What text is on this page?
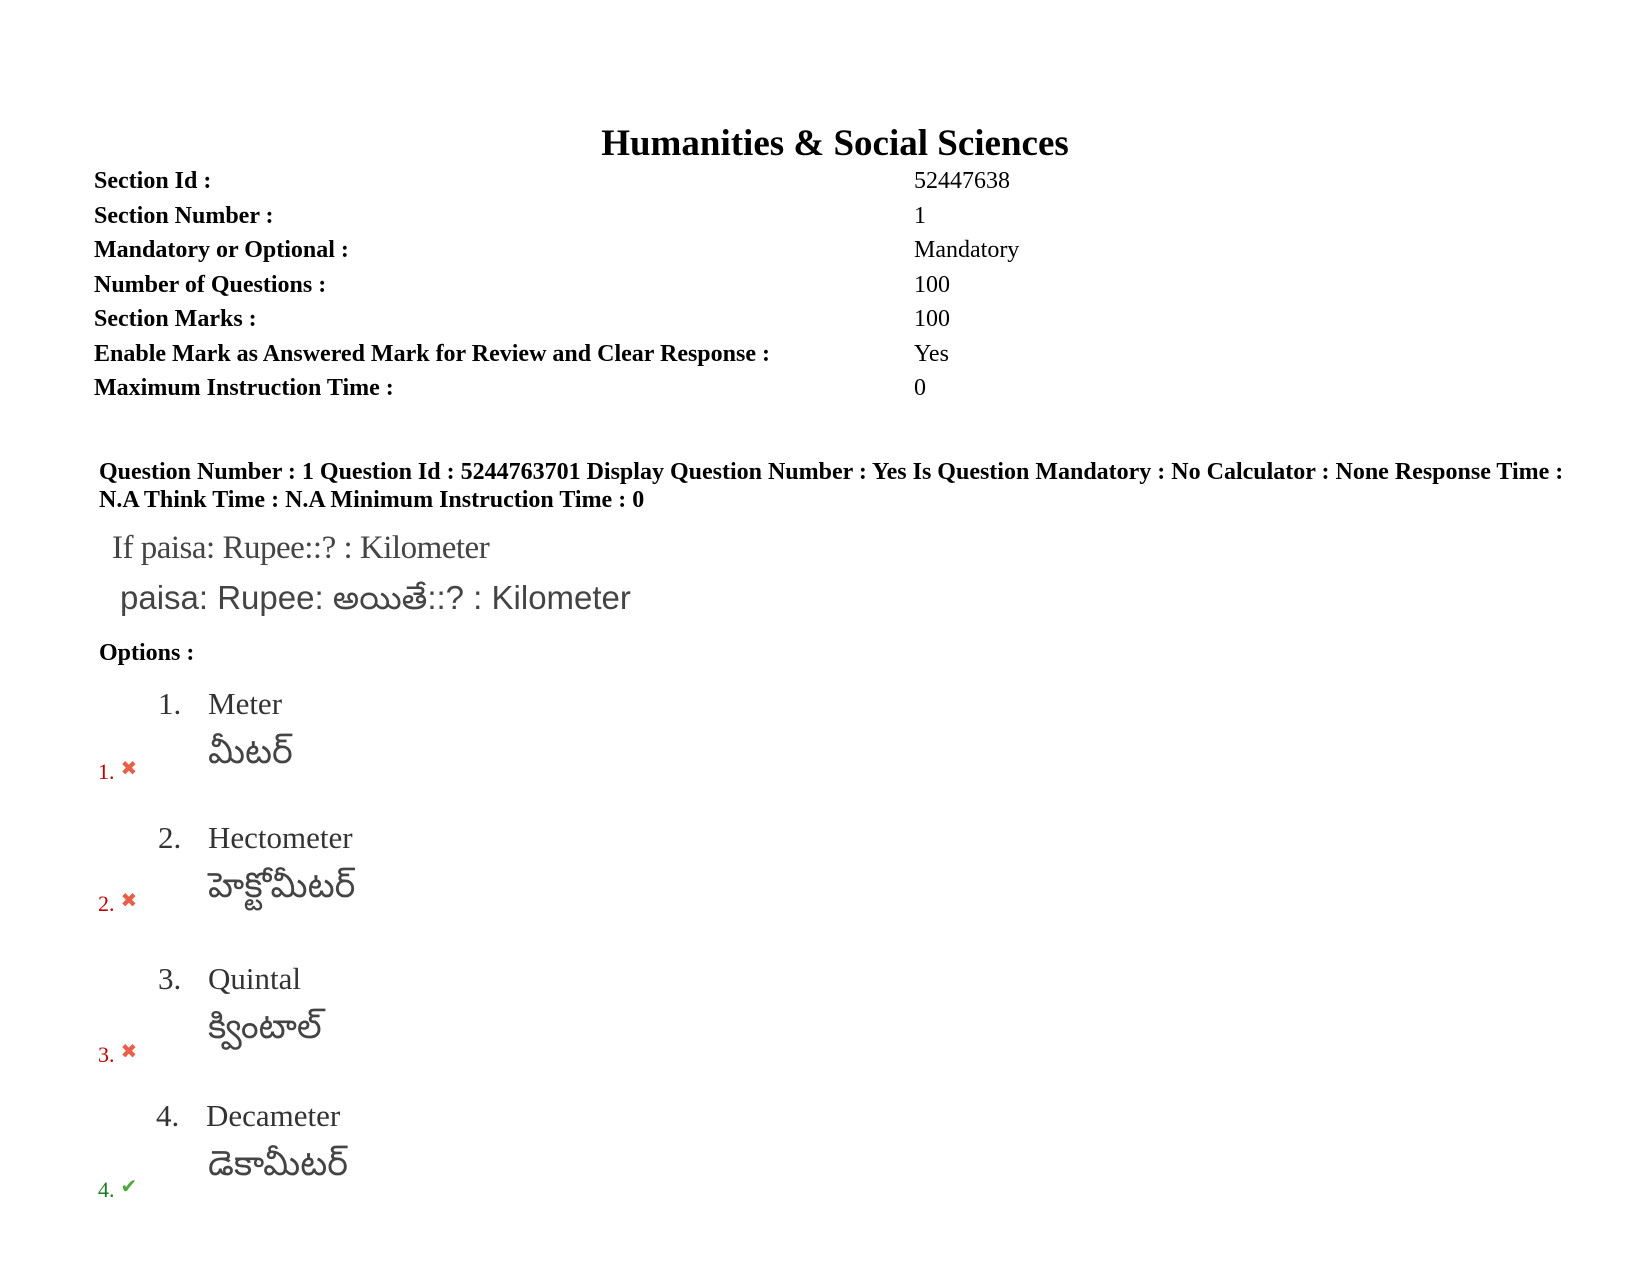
Humanities & Social Sciences
Section Id :	52447638
Section Number :	1
Mandatory or Optional :	Mandatory
Number of Questions :	100
Section Marks :	100
Enable Mark as Answered Mark for Review and Clear Response :	Yes
Maximum Instruction Time :	0
Question Number : 1 Question Id : 5244763701 Display Question Number : Yes Is Question Mandatory : No Calculator : None Response Time : N.A Think Time : N.A Minimum Instruction Time : 0
If paisa: Rupee::? : Kilometer
paisa: Rupee: అయితే::? : Kilometer
Options :
1. Meter
మీటర్
1. ✖
2. Hectometer
హెక్టోమీటర్
2. ✖
3. Quintal
క్వింటాల్
3. ✖
4. Decameter
డెకామీటర్
4. ✔
